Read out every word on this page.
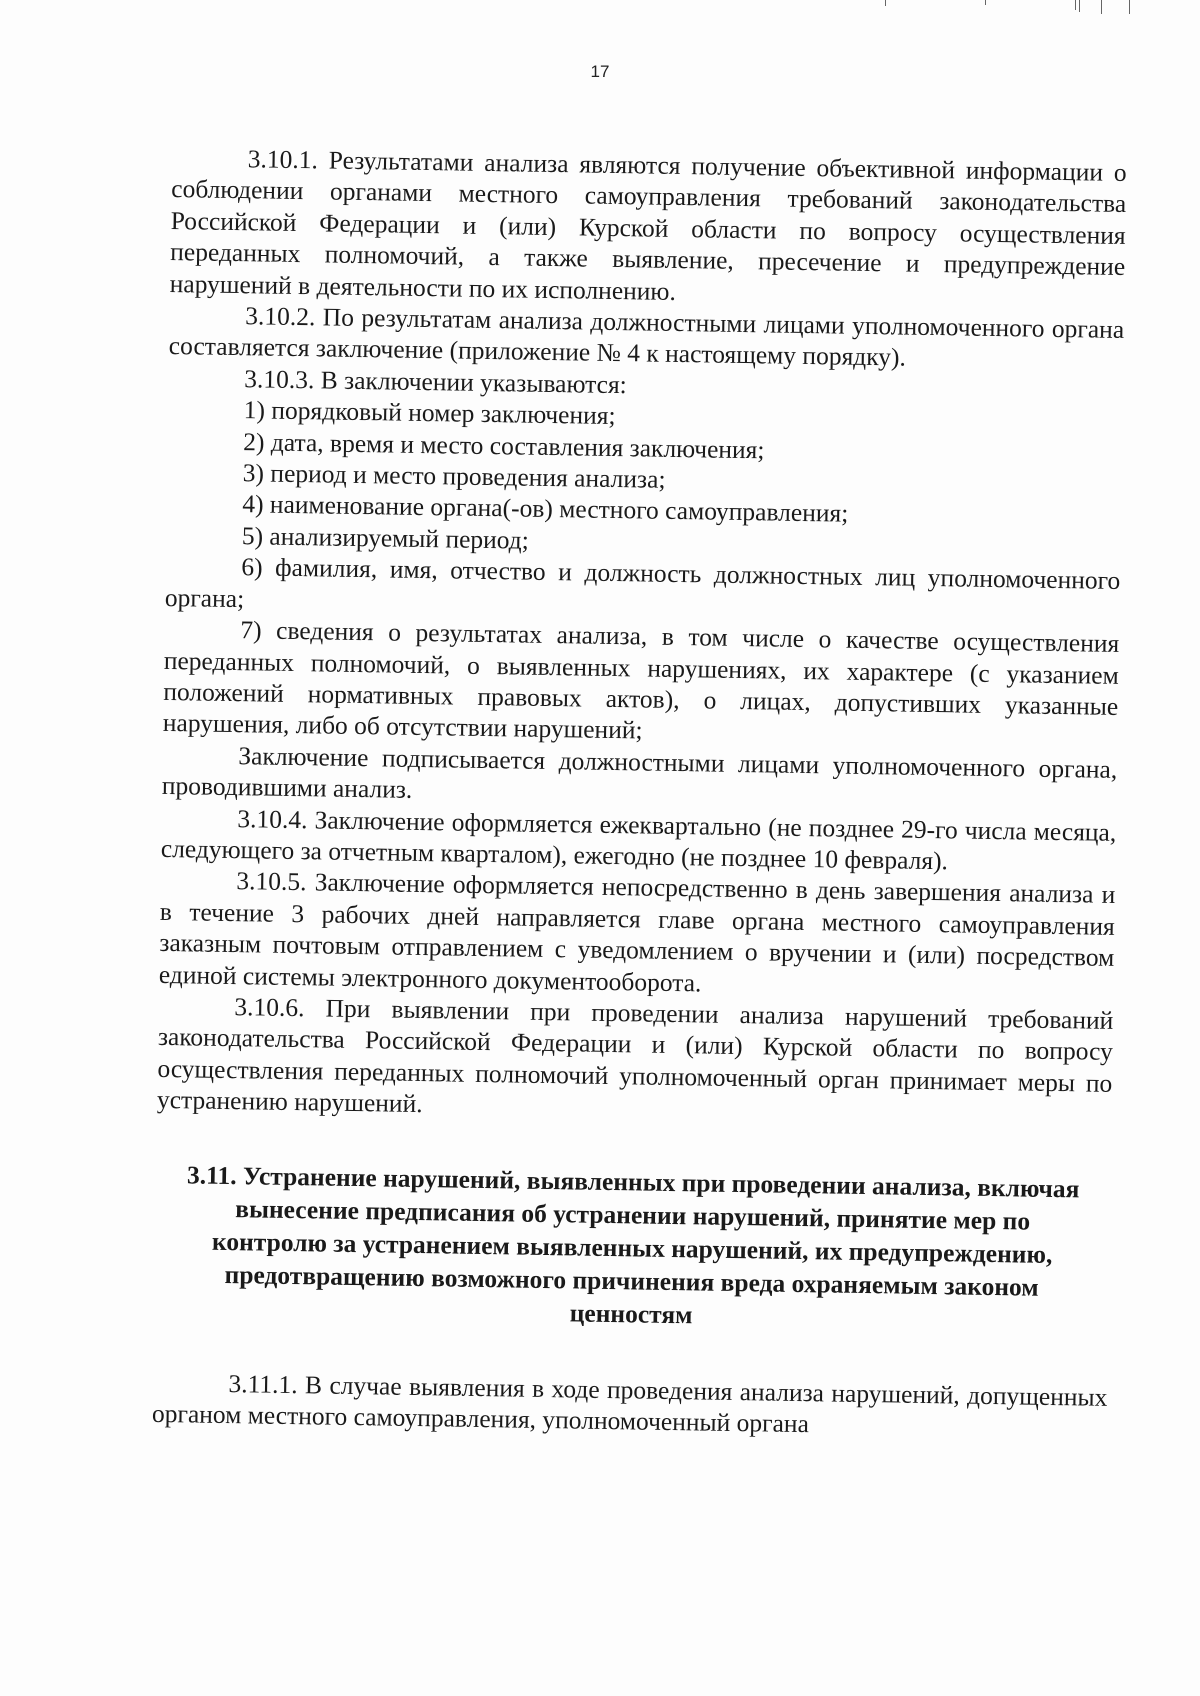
17

3.10.1. Результатами анализа являются получение объективной информации о соблюдении органами местного самоуправления требований законодательства Российской Федерации и (или) Курской области по вопросу осуществления переданных полномочий, а также выявление, пресечение и предупреждение нарушений в деятельности по их исполнению.

3.10.2. По результатам анализа должностными лицами уполномоченного органа составляется заключение (приложение № 4 к настоящему порядку).

3.10.3. В заключении указываются:

1) порядковый номер заключения;

2) дата, время и место составления заключения;

3) период и место проведения анализа;

4) наименование органа(-ов) местного самоуправления;

5) анализируемый период;

6) фамилия, имя, отчество и должность должностных лиц уполномоченного органа;

7) сведения о результатах анализа, в том числе о качестве осуществления переданных полномочий, о выявленных нарушениях, их характере (с указанием положений нормативных правовых актов), о лицах, допустивших указанные нарушения, либо об отсутствии нарушений;

Заключение подписывается должностными лицами уполномоченного органа, проводившими анализ.

3.10.4. Заключение оформляется ежеквартально (не позднее 29-го числа месяца, следующего за отчетным кварталом), ежегодно (не позднее 10 февраля).

3.10.5. Заключение оформляется непосредственно в день завершения анализа и в течение 3 рабочих дней направляется главе органа местного самоуправления заказным почтовым отправлением с уведомлением о вручении и (или) посредством единой системы электронного документооборота.

3.10.6. При выявлении при проведении анализа нарушений требований законодательства Российской Федерации и (или) Курской области по вопросу осуществления переданных полномочий уполномоченный орган принимает меры по устранению нарушений.

3.11. Устранение нарушений, выявленных при проведении анализа, включая вынесение предписания об устранении нарушений, принятие мер по контролю за устранением выявленных нарушений, их предупреждению, предотвращению возможного причинения вреда охраняемым законом ценностям

3.11.1. В случае выявления в ходе проведения анализа нарушений, допущенных органом местного самоуправления, уполномоченный органа
